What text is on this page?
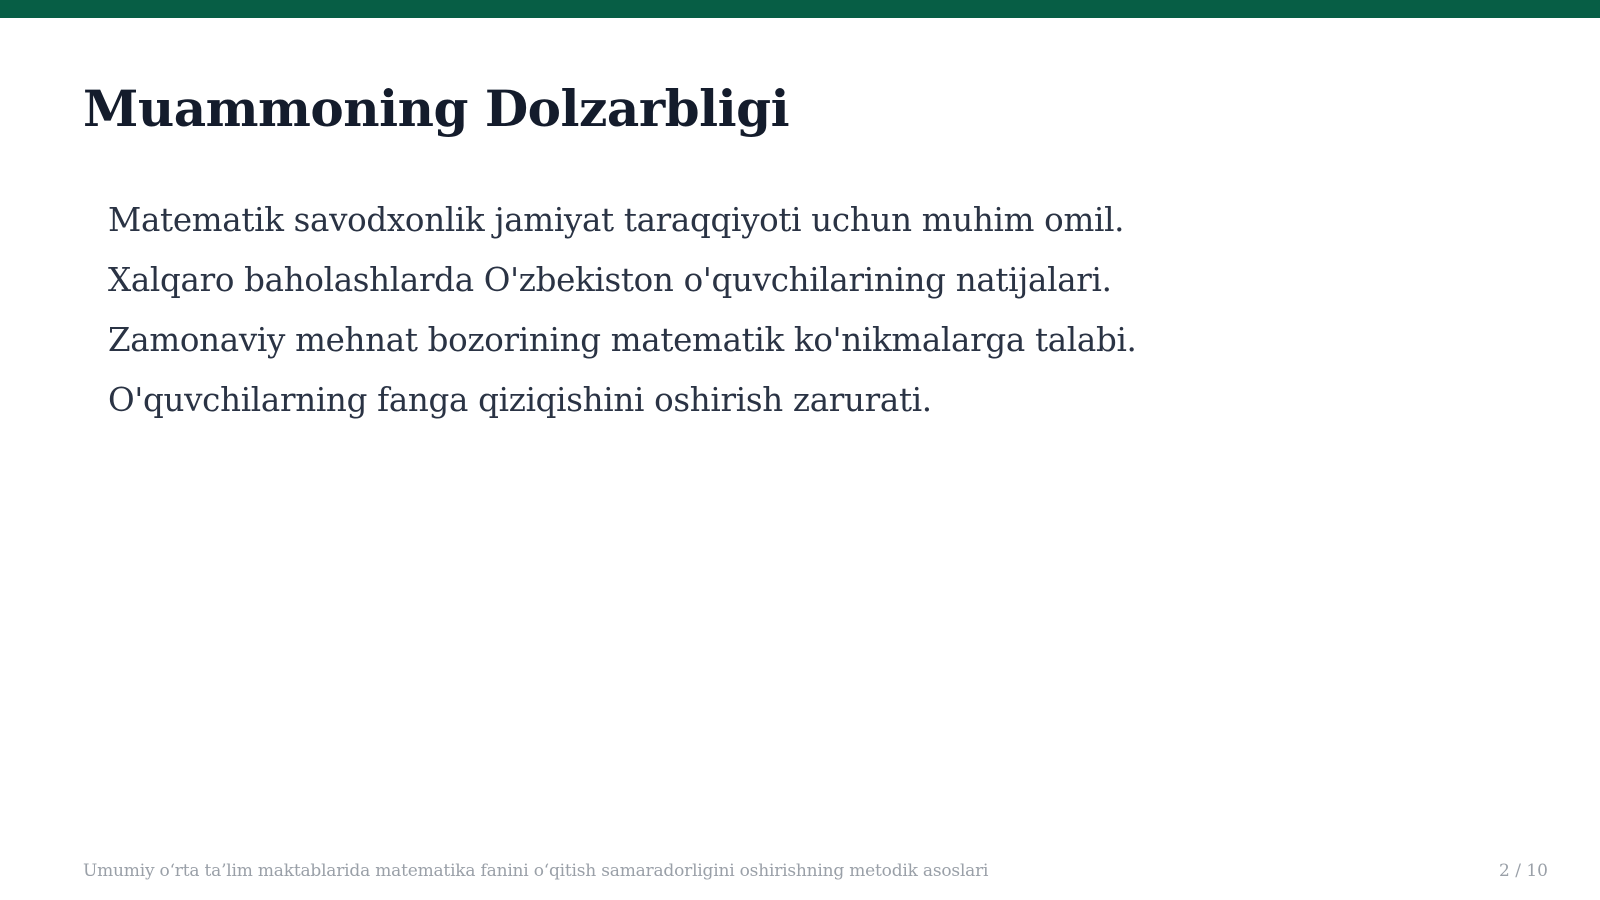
Muammoning Dolzarbligi
Matematik savodxonlik jamiyat taraqqiyoti uchun muhim omil.
Xalqaro baholashlarda O'zbekiston o'quvchilarining natijalari.
Zamonaviy mehnat bozorining matematik ko'nikmalarga talabi.
O'quvchilarning fanga qiziqishini oshirish zarurati.
Umumiy o‘rta ta’lim maktablarida matematika fanini o‘qitish samaradorligini oshirishning metodik asoslari	2 / 10
